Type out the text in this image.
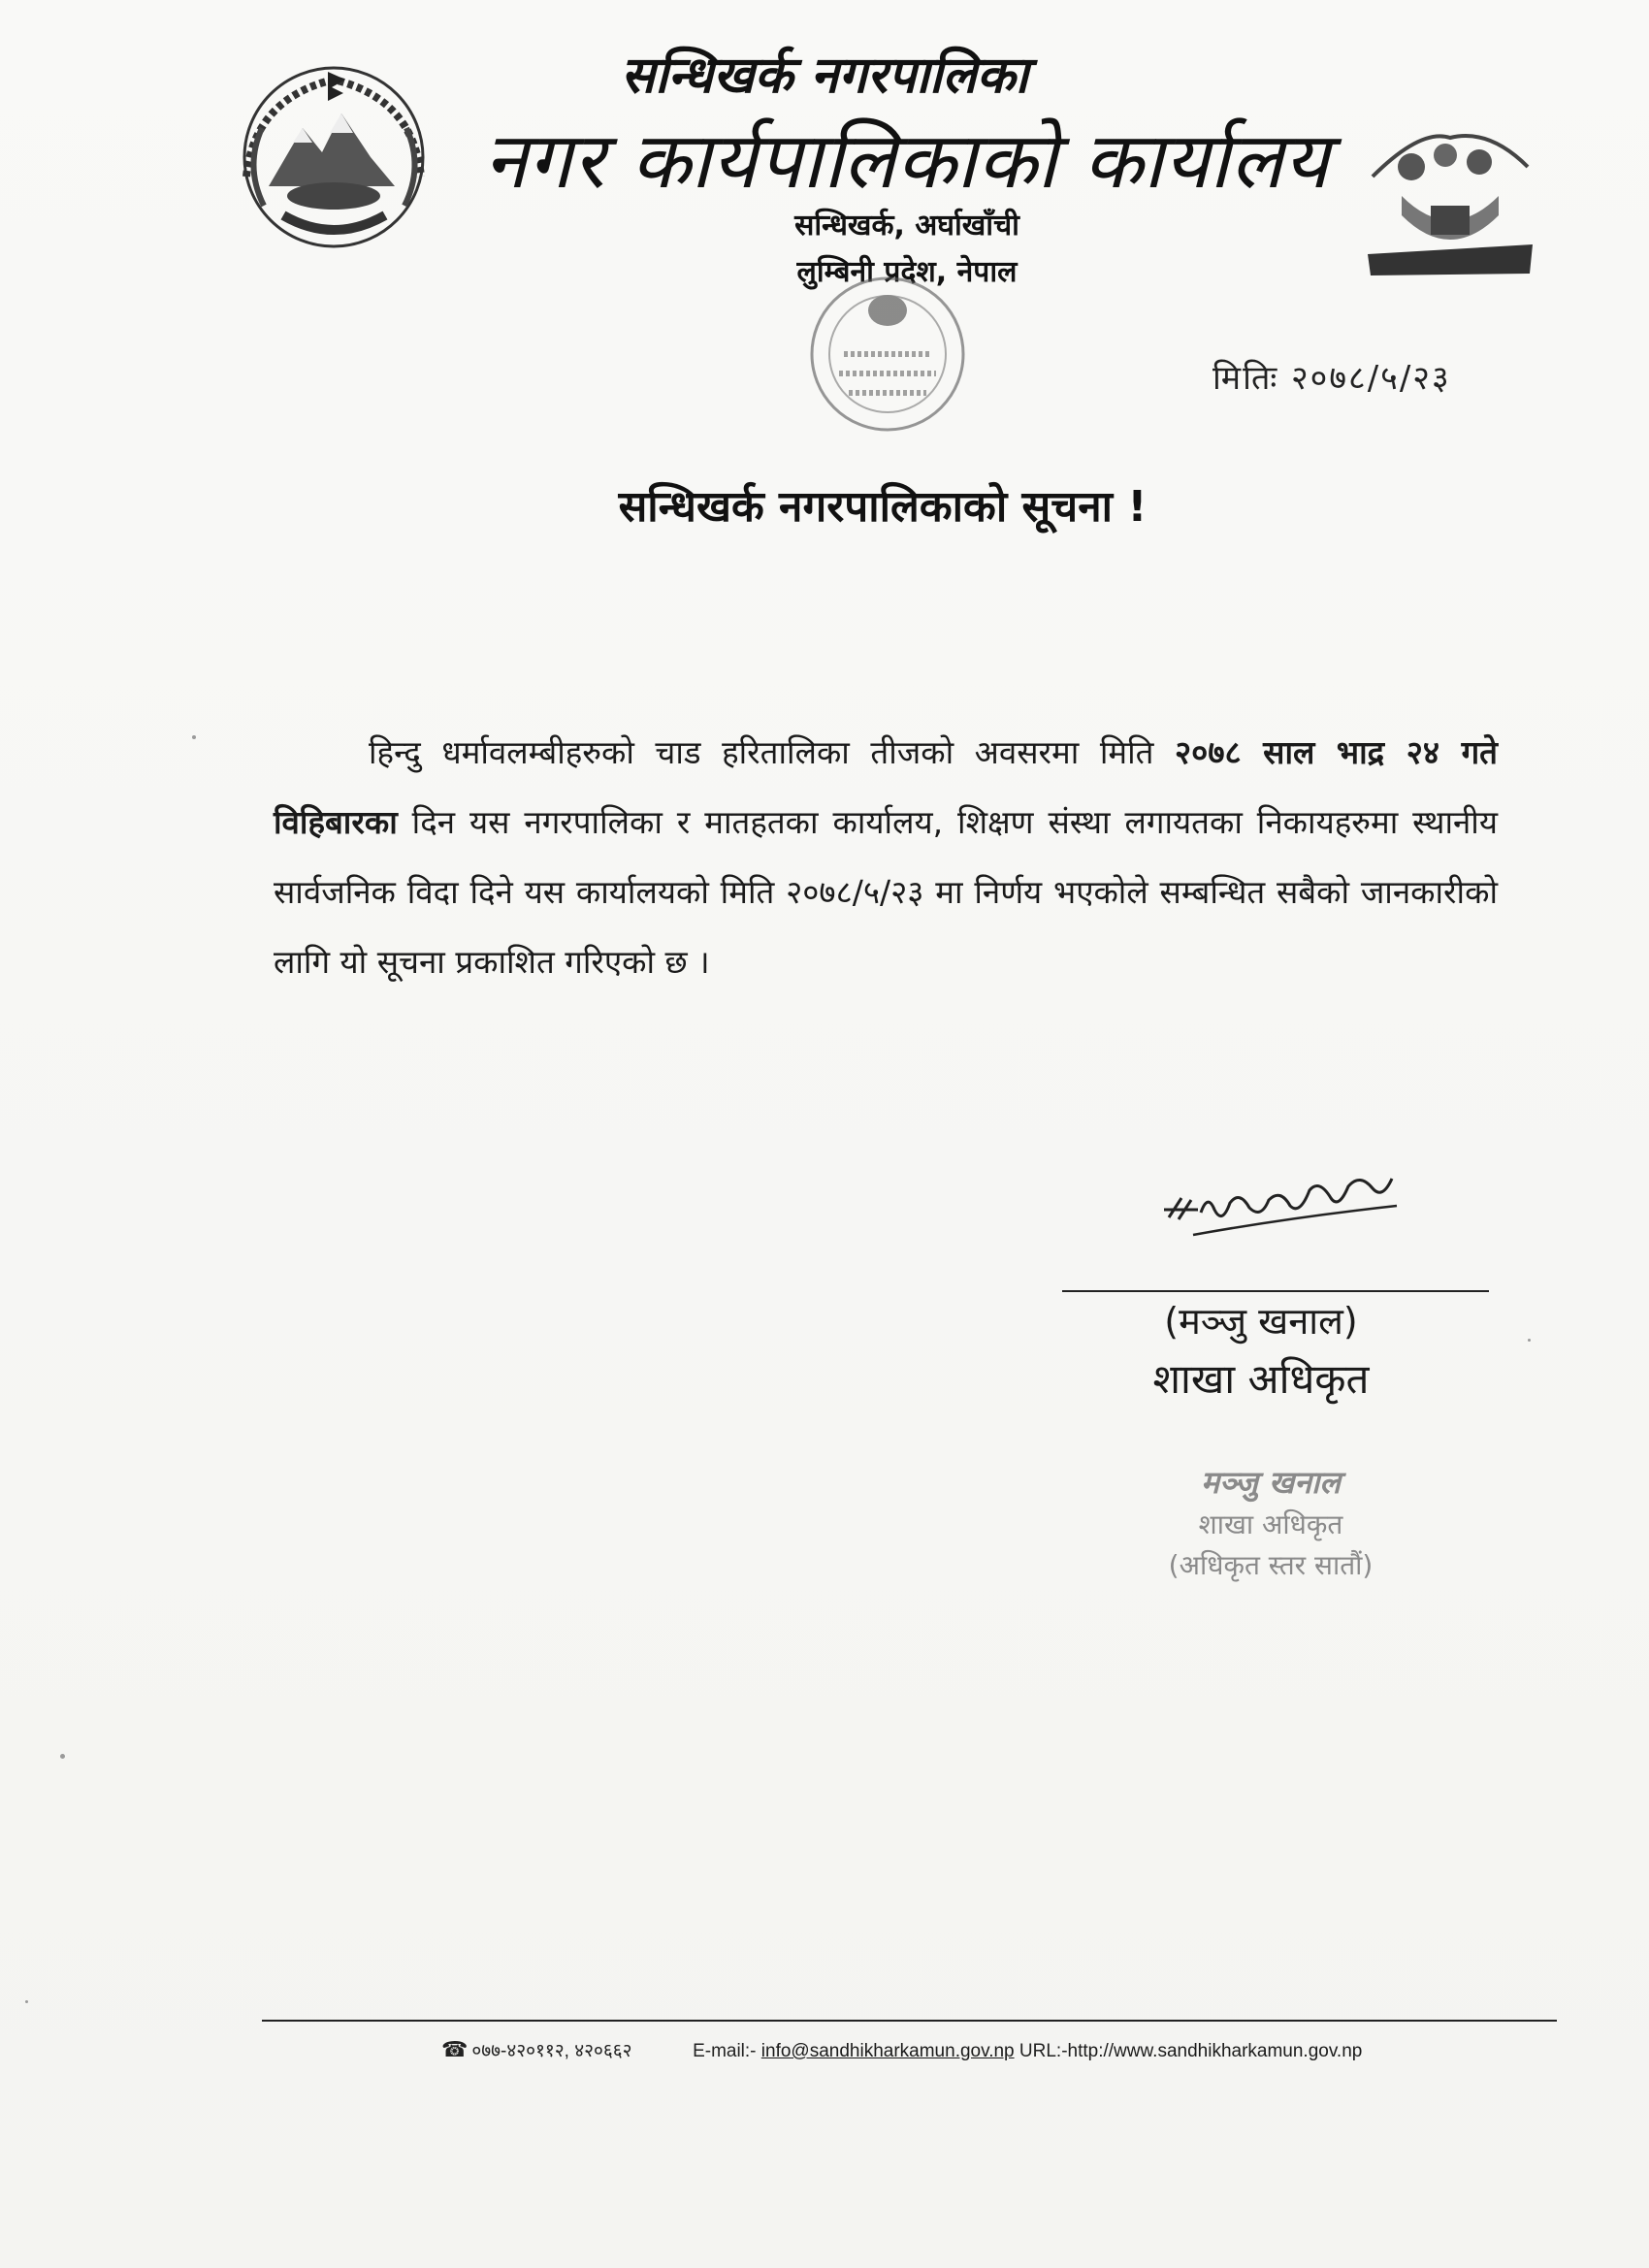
सन्धिखर्क नगरपालिका
नगर कार्यपालिकाको कार्यालय
सन्धिखर्क, अर्घाखाँची
लुम्बिनी प्रदेश, नेपाल
मितिः २०७८/५/२३
सन्धिखर्क नगरपालिकाको सूचना !

हिन्दु धर्मावलम्बीहरुको चाड हरितालिका तीजको अवसरमा मिति २०७८ साल भाद्र २४ गते विहिबारका दिन यस नगरपालिका र मातहतका कार्यालय, शिक्षण संस्था लगायतका निकायहरुमा स्थानीय सार्वजनिक विदा दिने यस कार्यालयको मिति २०७८/५/२३ मा निर्णय भएकोले सम्बन्धित सबैको जानकारीको लागि यो सूचना प्रकाशित गरिएको छ ।

(मञ्जु खनाल)
शाखा अधिकृत
मञ्जु खनाल
शाखा अधिकृत
(अधिकृत स्तर सातौं)
☎ ०७७-४२०११२, ४२०६६२	E-mail:- info@sandhikharkamun.gov.np URL:-http://www.sandhikharkamun.gov.np
